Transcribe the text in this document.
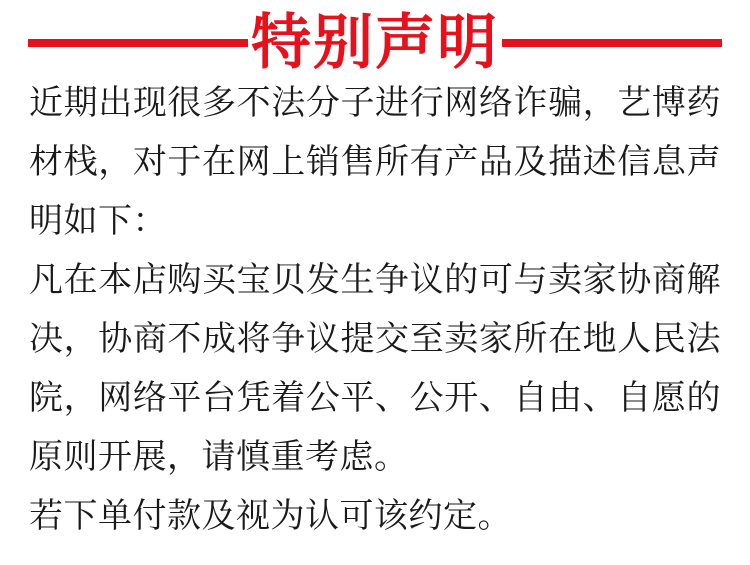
特别声明

近期出现很多不法分子进行网络诈骗，艺博药材栈，对于在网上销售所有产品及描述信息声明如下：

凡在本店购买宝贝发生争议的可与卖家协商解决，协商不成将争议提交至卖家所在地人民法院，网络平台凭着公平、公开、自由、自愿的原则开展，请慎重考虑。

若下单付款及视为认可该约定。
